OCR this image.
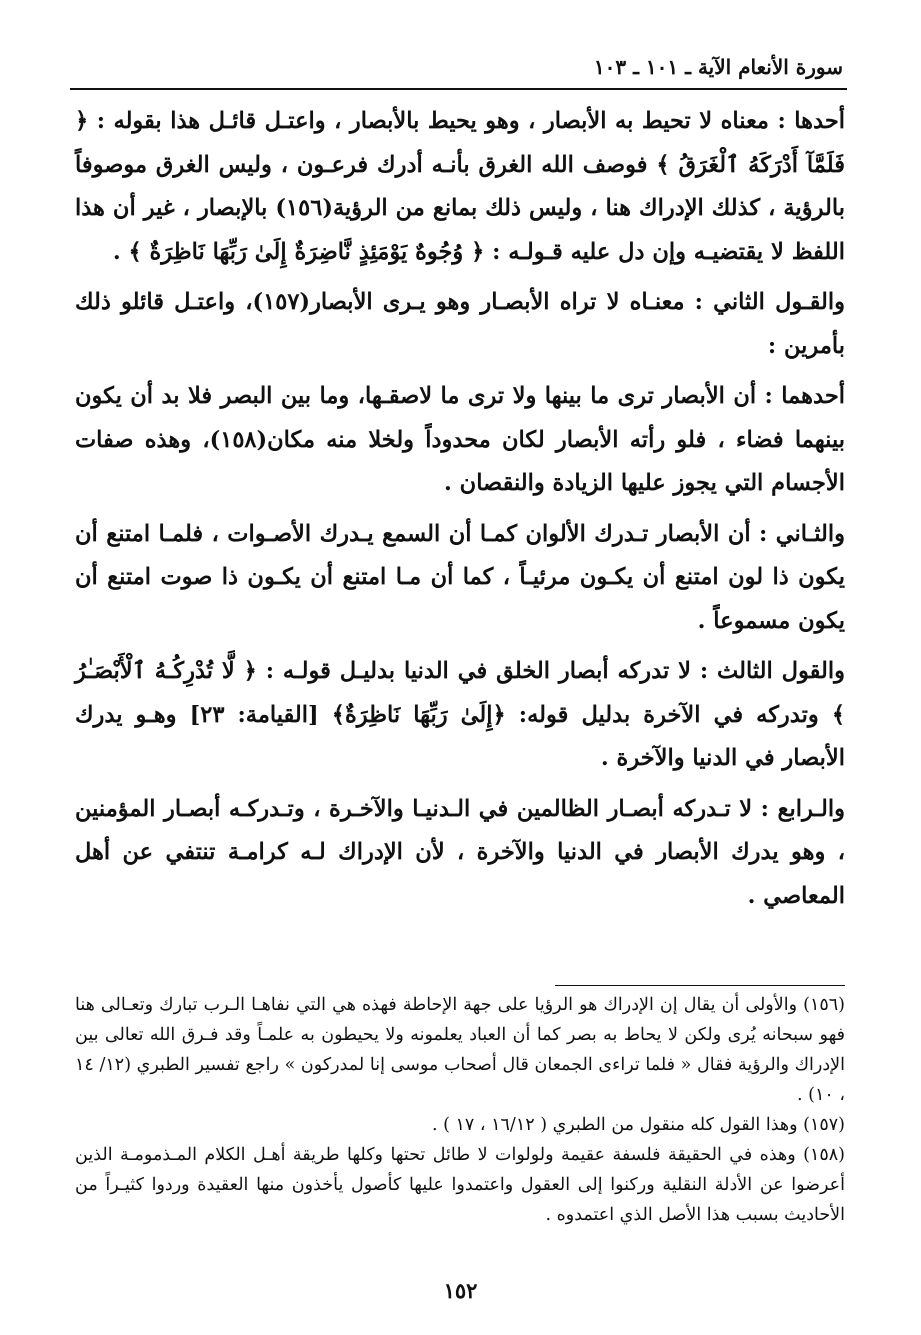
سورة الأنعام الآية ـ ١٠١ ـ ١٠٣

أحدها : معناه لا تحيط به الأبصار ، وهو يحيط بالأبصار ، واعتـل قائـل هذا بقوله : ﴿ فَلَمَّآ أَدْرَكَهُ ٱلْغَرَقُ ﴾ فوصف الله الغرق بأنـه أدرك فرعـون ، وليس الغرق موصوفاً بالرؤية ، كذلك الإدراك هنا ، وليس ذلك بمانع من الرؤية(١٥٦) بالإبصار ، غير أن هذا اللفظ لا يقتضيـه وإن دل عليه قـولـه : ﴿ وُجُوهٌ يَوْمَئِذٍ نَّاضِرَةٌ إِلَىٰ رَبِّهَا نَاظِرَةٌ ﴾ .

والقـول الثاني : معنـاه لا تراه الأبصـار وهو يـرى الأبصار(١٥٧)، واعتـل قائلو ذلك بأمرين :

أحدهما : أن الأبصار ترى ما بينها ولا ترى ما لاصقـها، وما بين البصر فلا بد أن يكون بينهما فضاء ، فلو رأته الأبصار لكان محدوداً ولخلا منه مكان(١٥٨)، وهذه صفات الأجسام التي يجوز عليها الزيادة والنقصان .

والثـاني : أن الأبصار تـدرك الألوان كمـا أن السمع يـدرك الأصـوات ، فلمـا امتنع أن يكون ذا لون امتنع أن يكـون مرئيـاً ، كما أن مـا امتنع أن يكـون ذا صوت امتنع أن يكون مسموعاً .

والقول الثالث : لا تدركه أبصار الخلق في الدنيا بدليـل قولـه : ﴿ لَّا تُدْرِكُـهُ ٱلْأَبْصَـٰرُ ﴾ وتدركه في الآخرة بدليل قوله: ﴿إِلَىٰ رَبِّهَا نَاظِرَةٌ﴾ [القيامة: ٢٣] وهـو يدرك الأبصار في الدنيا والآخرة .

والـرابع : لا تـدركه أبصـار الظالمين في الـدنيـا والآخـرة ، وتـدركـه أبصـار المؤمنين ، وهو يدرك الأبصار في الدنيا والآخرة ، لأن الإدراك لـه كرامـة تنتفي عن أهل المعاصي .

(١٥٦) والأولى أن يقال إن الإدراك هو الرؤيا على جهة الإحاطة فهذه هي التي نفاهـا الـرب تبارك وتعـالى هنا فهو سبحانه يُرى ولكن لا يحاط به بصر كما أن العباد يعلمونه ولا يحيطون به علمـاً وقد فـرق الله تعالى بين الإدراك والرؤية فقال « فلما تراءى الجمعان قال أصحاب موسى إنا لمدركون » راجع تفسير الطبري (١٢/ ١٤ ، ١٠) .

(١٥٧) وهذا القول كله منقول من الطبري ( ١٦/١٢ ، ١٧ ) .

(١٥٨) وهذه في الحقيقة فلسفة عقيمة ولولوات لا طائل تحتها وكلها طريقة أهـل الكلام المـذمومـة الذين أعرضوا عن الأدلة النقلية وركنوا إلى العقول واعتمدوا عليها كأصول يأخذون منها العقيدة وردوا كثيـراً من الأحاديث بسبب هذا الأصل الذي اعتمدوه .

١٥٢
